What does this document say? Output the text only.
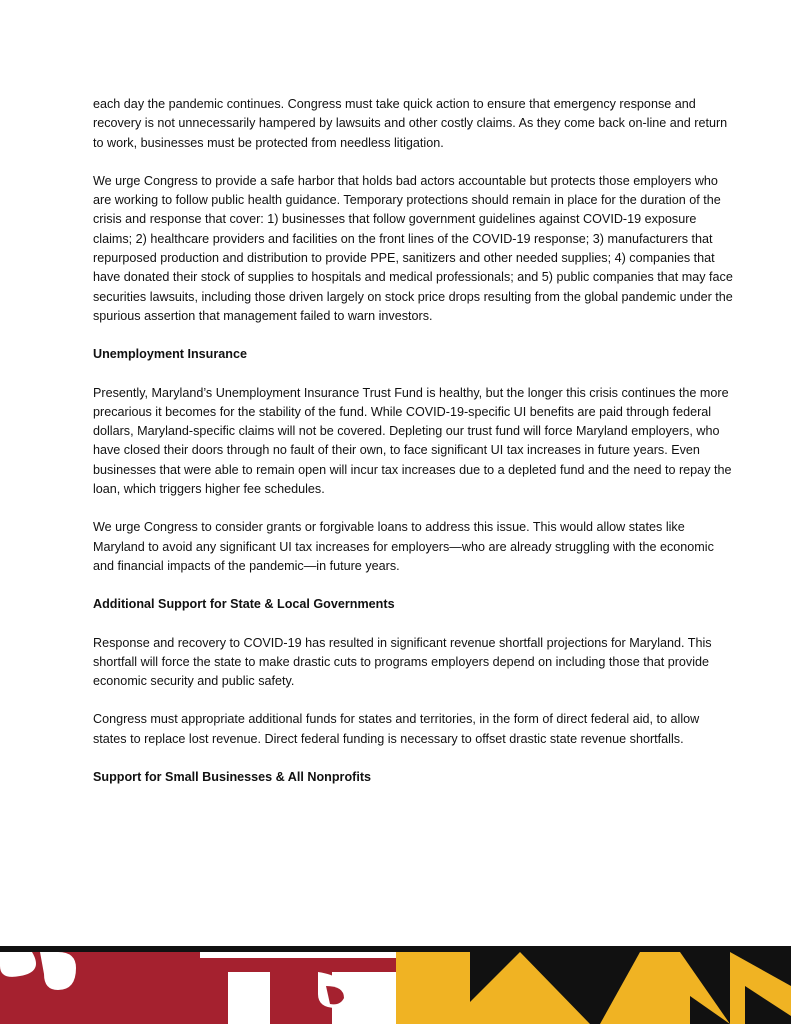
each day the pandemic continues. Congress must take quick action to ensure that emergency response and recovery is not unnecessarily hampered by lawsuits and other costly claims. As they come back on-line and return to work, businesses must be protected from needless litigation.

We urge Congress to provide a safe harbor that holds bad actors accountable but protects those employers who are working to follow public health guidance. Temporary protections should remain in place for the duration of the crisis and response that cover: 1) businesses that follow government guidelines against COVID-19 exposure claims; 2) healthcare providers and facilities on the front lines of the COVID-19 response; 3) manufacturers that repurposed production and distribution to provide PPE, sanitizers and other needed supplies; 4) companies that have donated their stock of supplies to hospitals and medical professionals; and 5) public companies that may face securities lawsuits, including those driven largely on stock price drops resulting from the global pandemic under the spurious assertion that management failed to warn investors.

Unemployment Insurance

Presently, Maryland’s Unemployment Insurance Trust Fund is healthy, but the longer this crisis continues the more precarious it becomes for the stability of the fund. While COVID-19-specific UI benefits are paid through federal dollars, Maryland-specific claims will not be covered. Depleting our trust fund will force Maryland employers, who have closed their doors through no fault of their own, to face significant UI tax increases in future years. Even businesses that were able to remain open will incur tax increases due to a depleted fund and the need to repay the loan, which triggers higher fee schedules.

We urge Congress to consider grants or forgivable loans to address this issue. This would allow states like Maryland to avoid any significant UI tax increases for employers—who are already struggling with the economic and financial impacts of the pandemic—in future years.

Additional Support for State & Local Governments

Response and recovery to COVID-19 has resulted in significant revenue shortfall projections for Maryland. This shortfall will force the state to make drastic cuts to programs employers depend on including those that provide economic security and public safety.

Congress must appropriate additional funds for states and territories, in the form of direct federal aid, to allow states to replace lost revenue. Direct federal funding is necessary to offset drastic state revenue shortfalls.

Support for Small Businesses & All Nonprofits
